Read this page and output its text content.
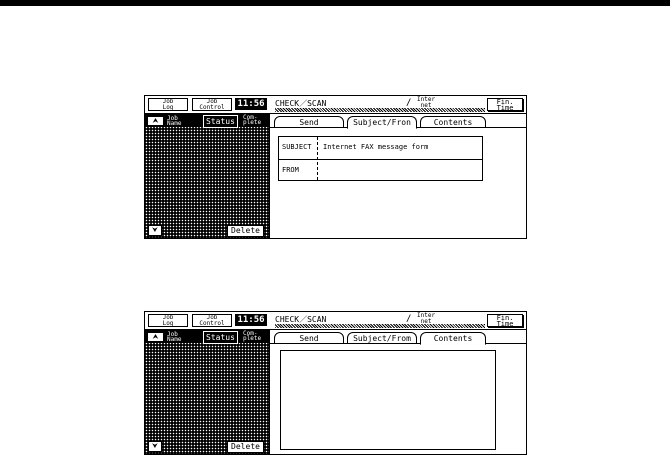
Job
Log
Job
Control	11:56	CHECK／SCAN	∕ Inter
net	Fin.
Time
⮝	Job
Name	Status	Com-
plete
⮟	Delete
Send	Subject/Fron	Contents
SUBJECT Internet FAX message form
FROM
Job
Log
Job
Control	11:56	CHECK／SCAN	∕ Inter
net	Fin.
Time
⮝	Job
Name	Status	Com-
plete
⮟	Delete
Send	Subject/From	Contents
